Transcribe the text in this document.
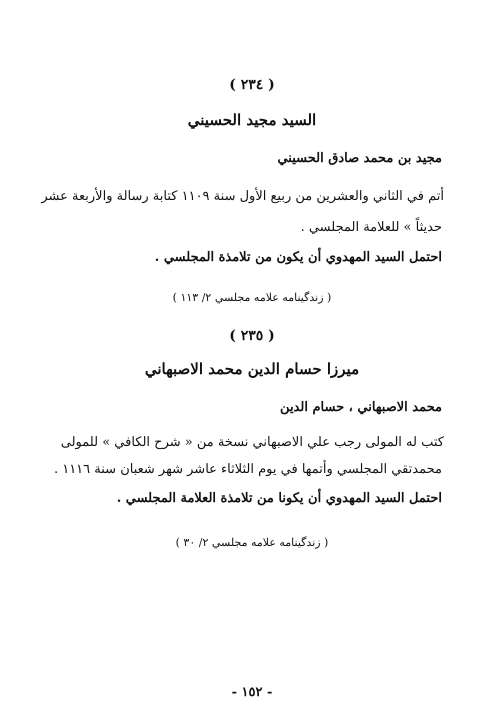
( ٢٣٤ )
السيد مجيد الحسيني
مجيد بن محمد صادق الحسيني
أتم في الثاني والعشرين من ربيع الأول سنة ١١٠٩ كتابة رسالة والأربعة عشر
حديثاً » للعلامة المجلسي .
احتمل السيد المهدوي أن يكون من تلامذة المجلسي .
( زندگينامه علامه مجلسي ٢/ ١١٣ )
( ٢٣٥ )
ميرزا حسام الدين محمد الاصبهاني
محمد الاصبهاني ، حسام الدين
كتب له المولى رجب علي الاصبهاني نسخة من « شرح الكافي » للمولى
محمدتقي المجلسي وأتمها في يوم الثلاثاء عاشر شهر شعبان سنة ١١١٦ .
احتمل السيد المهدوي أن يكونا من تلامذة العلامة المجلسي .
( زندگينامه علامه مجلسي ٢/ ٣٠ )
- ١٥٢ -
